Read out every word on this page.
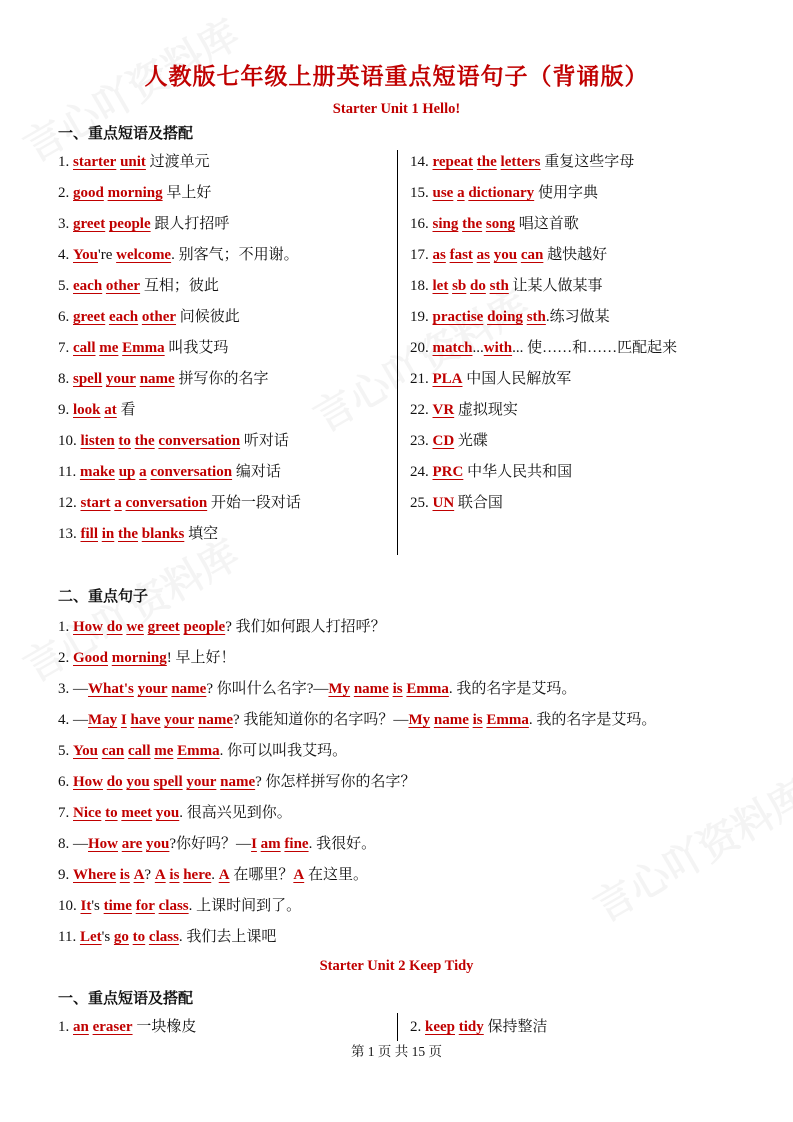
人教版七年级上册英语重点短语句子（背诵版）
Starter Unit 1 Hello!
一、重点短语及搭配
1. starter unit 过渡单元
2. good morning 早上好
3. greet people 跟人打招呼
4. You're welcome. 别客气；不用谢。
5. each other 互相；彼此
6. greet each other 问候彼此
7. call me Emma 叫我艾玛
8. spell your name 拼写你的名字
9. look at 看
10. listen to the conversation 听对话
11. make up a conversation 编对话
12. start a conversation 开始一段对话
13. fill in the blanks 填空
14. repeat the letters 重复这些字母
15. use a dictionary 使用字典
16. sing the song 唱这首歌
17. as fast as you can 越快越好
18. let sb do sth 让某人做某事
19. practise doing sth.练习做某
20. match...with... 使……和……匹配起来
21. PLA 中国人民解放军
22. VR 虚拟现实
23. CD 光碟
24. PRC 中华人民共和国
25. UN 联合国
二、重点句子
1. How do we greet people? 我们如何跟人打招呼？
2. Good morning! 早上好！
3. —What's your name? 你叫什么名字?—My name is Emma. 我的名字是艾玛。
4. —May I have your name? 我能知道你的名字吗？—My name is Emma. 我的名字是艾玛。
5. You can call me Emma. 你可以叫我艾玛。
6. How do you spell your name? 你怎样拼写你的名字？
7. Nice to meet you. 很高兴见到你。
8. —How are you?你好吗？—I am fine. 我很好。
9. Where is A? A is here. A 在哪里？A 在这里。
10. It's time for class. 上课时间到了。
11. Let's go to class. 我们去上课吧
Starter Unit 2 Keep Tidy
一、重点短语及搭配
1. an eraser 一块橡皮	2. keep tidy 保持整洁
第 1 页 共 15 页
